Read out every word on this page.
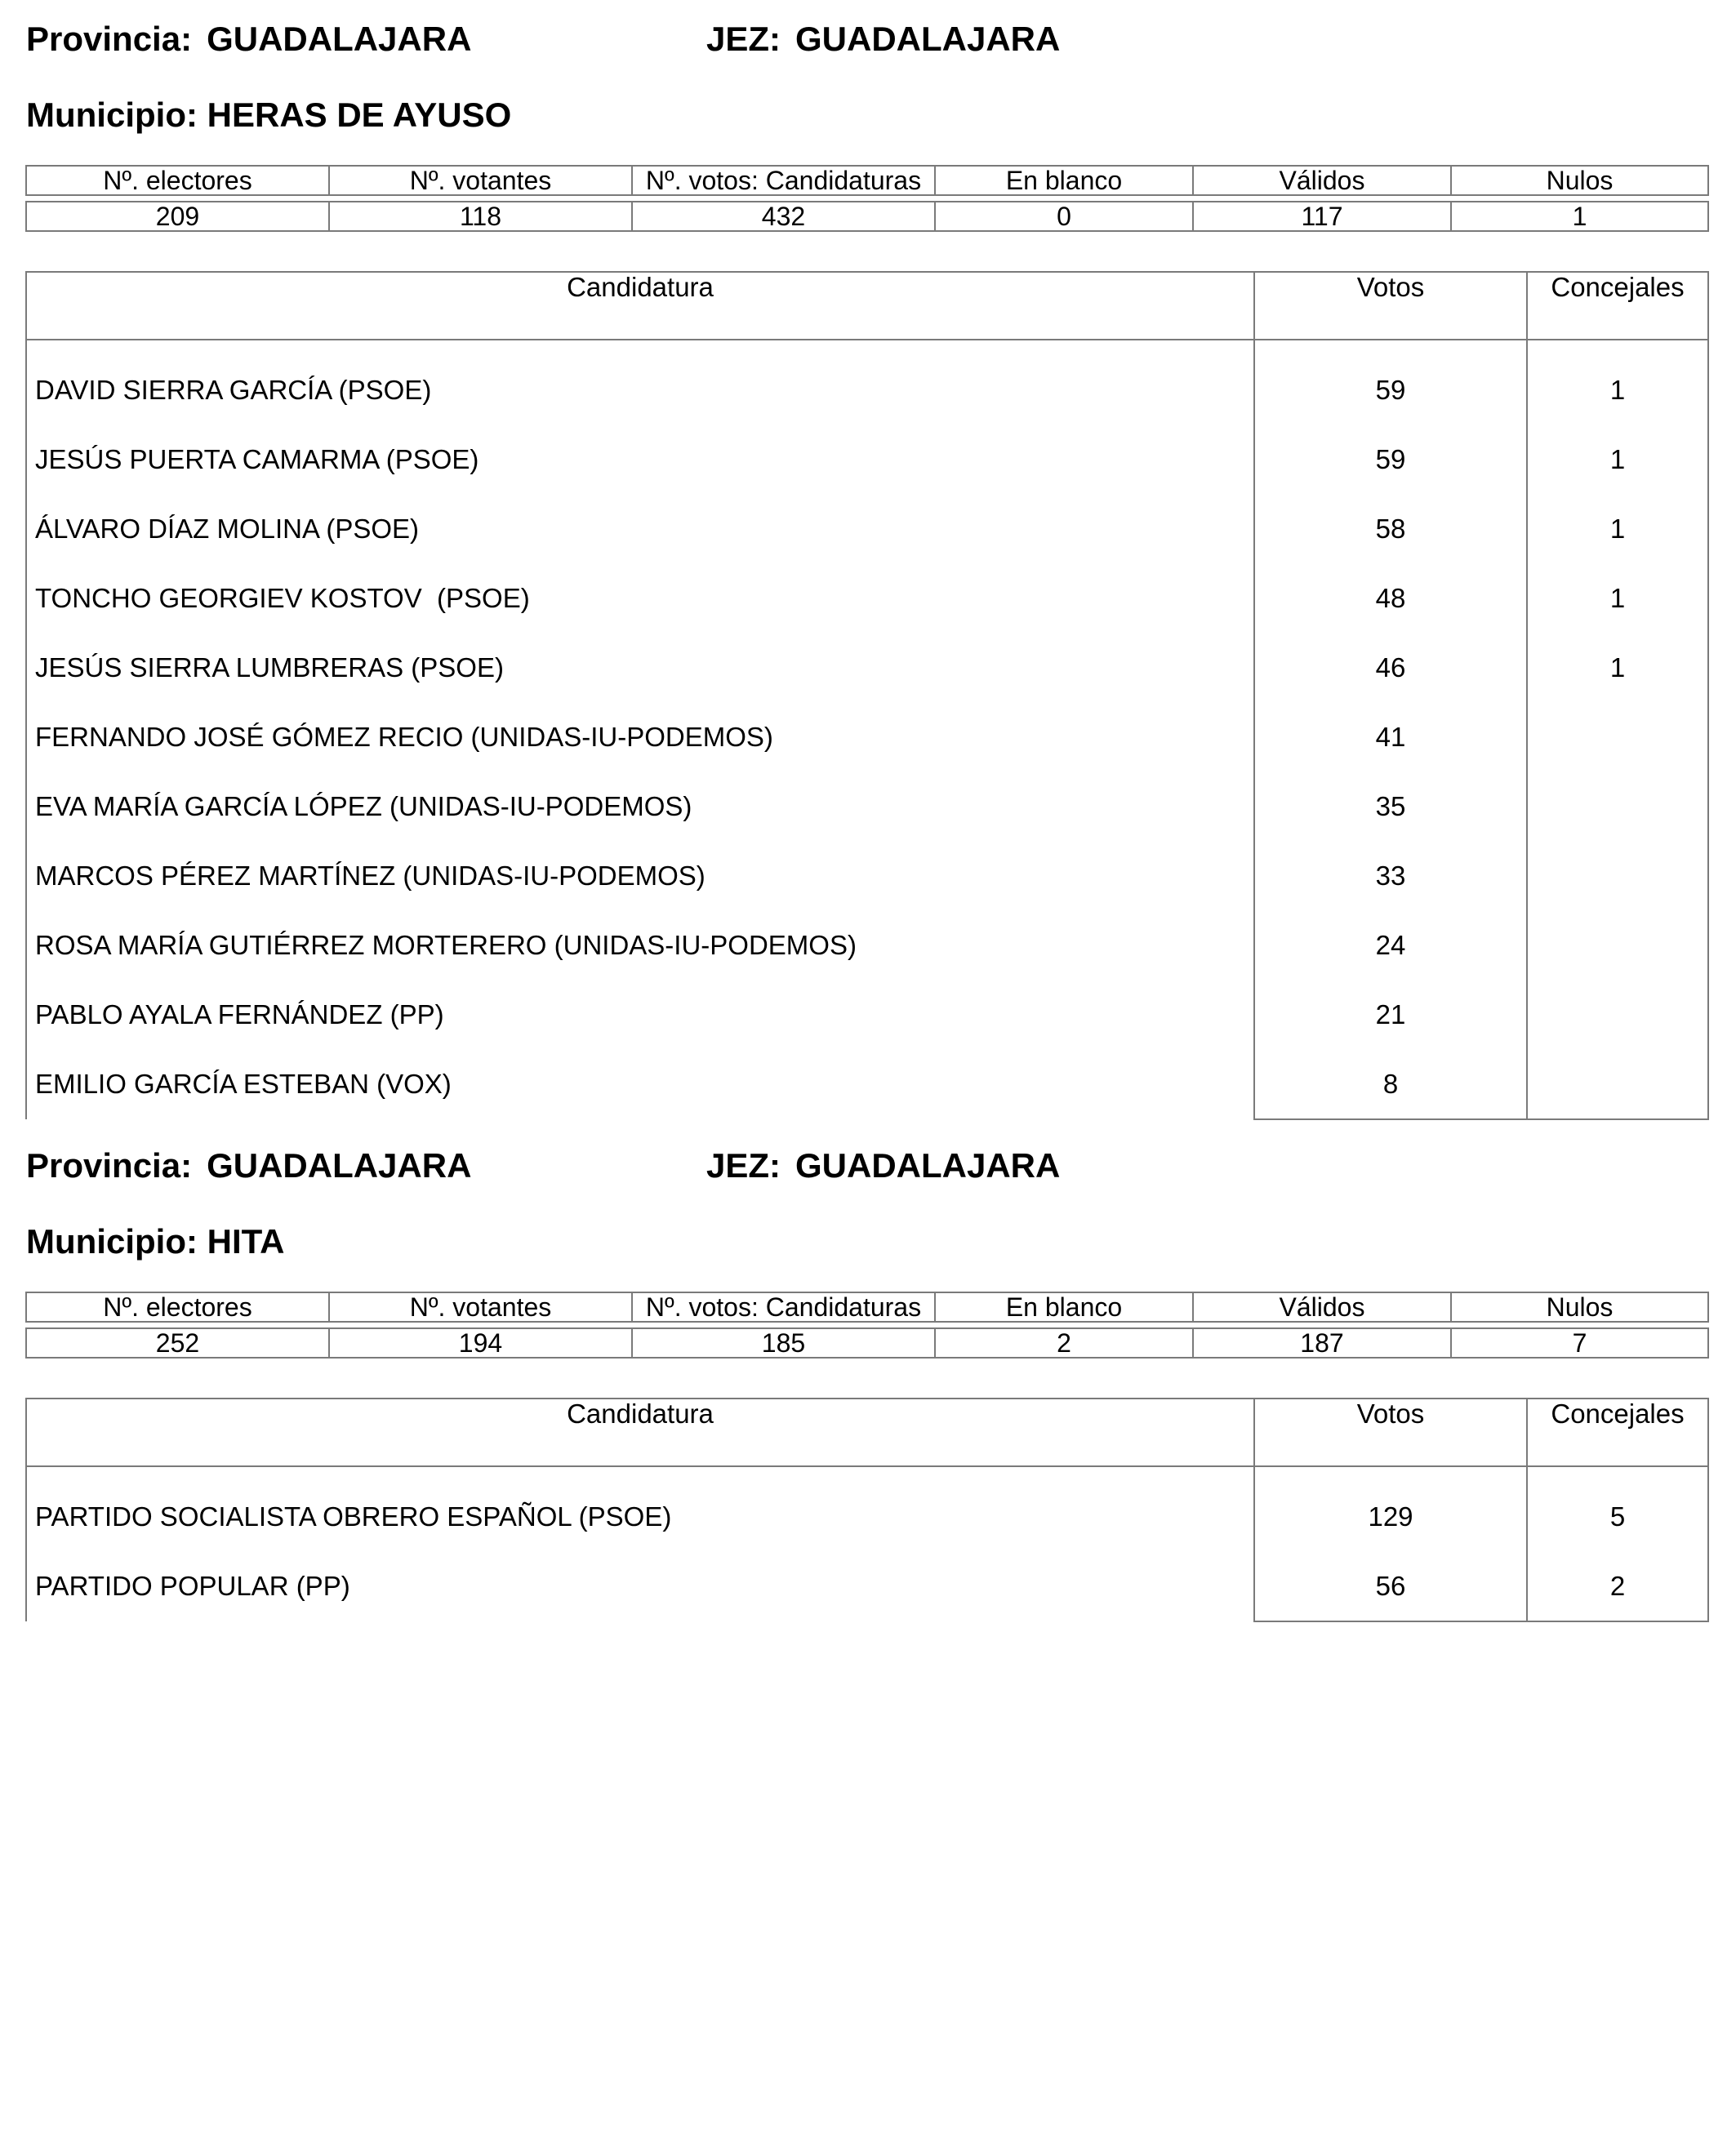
Provincia: GUADALAJARA	JEZ: GUADALAJARA
Municipio: HERAS DE AYUSO
Nº. electores	Nº. votantes	Nº. votos: Candidaturas	En blanco	Válidos	Nulos

209	118	432	0	117	1
Candidatura	Votos	Concejales
DAVID SIERRA GARCÍA (PSOE)	59	1
JESÚS PUERTA CAMARMA (PSOE)	59	1
ÁLVARO DÍAZ MOLINA (PSOE)	58	1
TONCHO GEORGIEV KOSTOV  (PSOE)	48	1
JESÚS SIERRA LUMBRERAS (PSOE)	46	1
FERNANDO JOSÉ GÓMEZ RECIO (UNIDAS-IU-PODEMOS)	41	
EVA MARÍA GARCÍA LÓPEZ (UNIDAS-IU-PODEMOS)	35	
MARCOS PÉREZ MARTÍNEZ (UNIDAS-IU-PODEMOS)	33	
ROSA MARÍA GUTIÉRREZ MORTERERO (UNIDAS-IU-PODEMOS)	24	
PABLO AYALA FERNÁNDEZ (PP)	21	
EMILIO GARCÍA ESTEBAN (VOX)	8	
Provincia: GUADALAJARA	JEZ: GUADALAJARA
Municipio: HITA
Nº. electores	Nº. votantes	Nº. votos: Candidaturas	En blanco	Válidos	Nulos

252	194	185	2	187	7
Candidatura	Votos	Concejales
PARTIDO SOCIALISTA OBRERO ESPAÑOL (PSOE)	129	5
PARTIDO POPULAR (PP)	56	2
